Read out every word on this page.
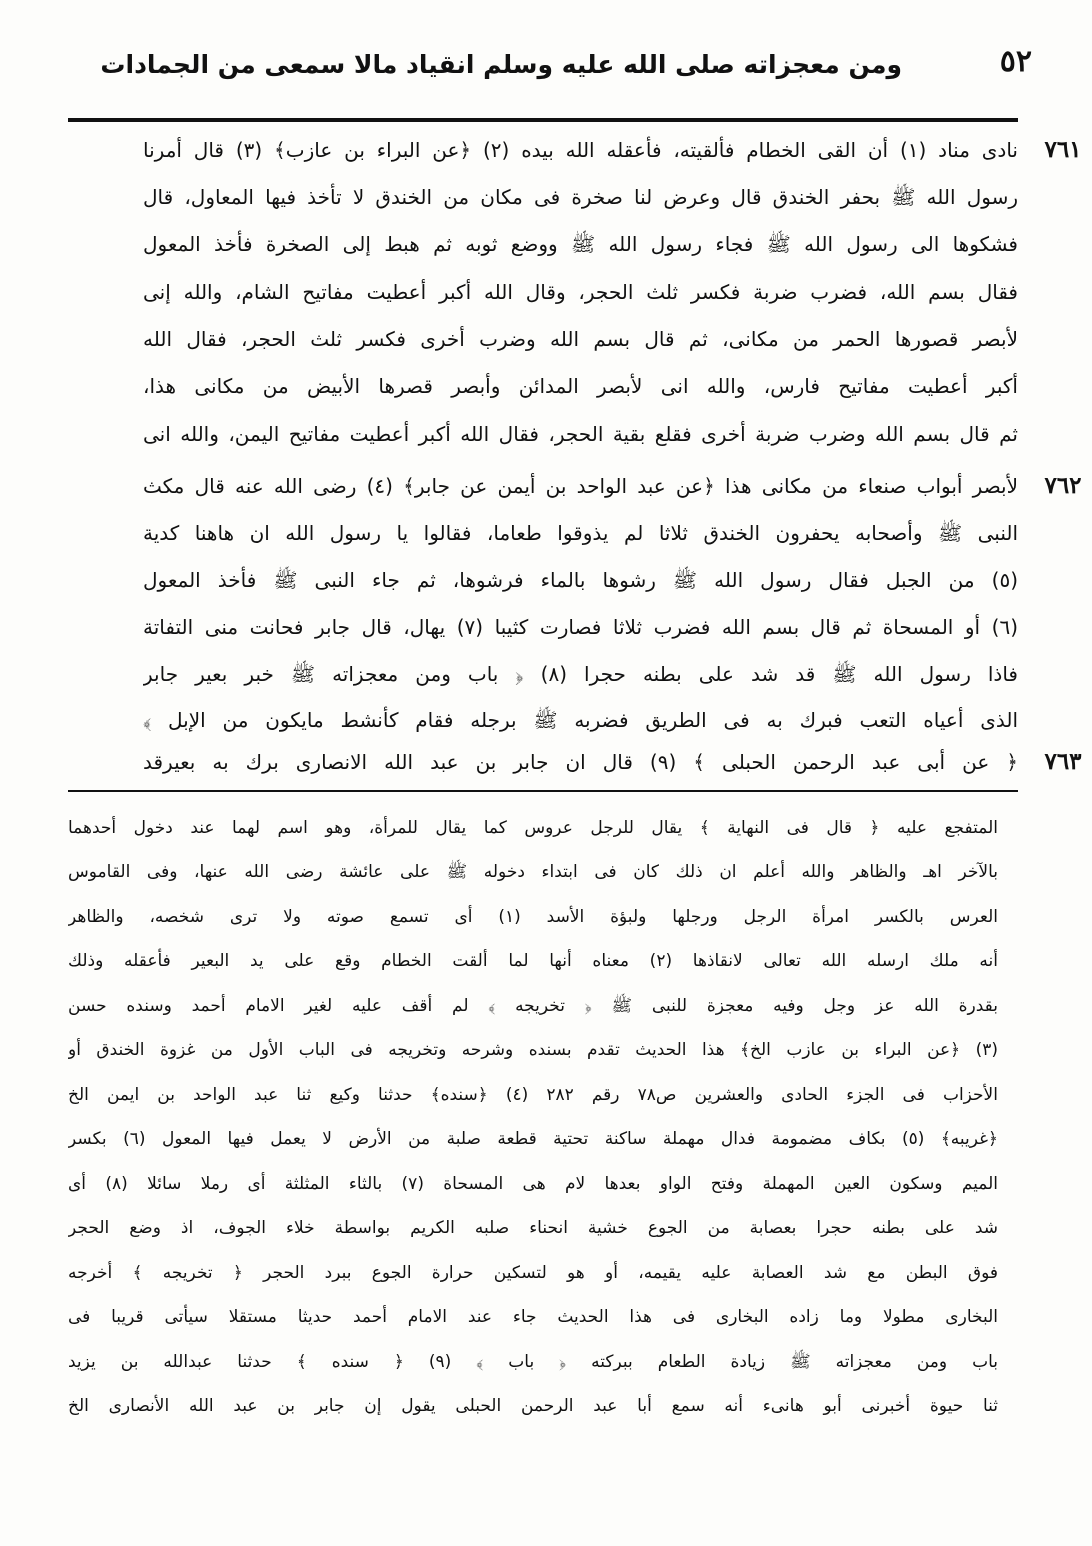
٥٢
ومن معجزاته صلى الله عليه وسلم انقياد مالا سمعى من الجمادات
٧٦١
٧٦٢
٧٦٣
نادى مناد (١) أن القى الخطام فألقيته، فأعقله الله بيده (٢) ﴿عن البراء بن عازب﴾ (٣) قال أمرنا
رسول الله ﷺ بحفر الخندق قال وعرض لنا صخرة فى مكان من الخندق لا تأخذ فيها المعاول، قال
فشكوها الى رسول الله ﷺ فجاء رسول الله ﷺ ووضع ثوبه ثم هبط إلى الصخرة فأخذ المعول
فقال بسم الله، فضرب ضربة فكسر ثلث الحجر، وقال الله أكبر أعطيت مفاتيح الشام، والله إنى
لأبصر قصورها الحمر من مكانى، ثم قال بسم الله وضرب أخرى فكسر ثلث الحجر، فقال الله
أكبر أعطيت مفاتيح فارس، والله انى لأبصر المدائن وأبصر قصرها الأبيض من مكانى هذا،
ثم قال بسم الله وضرب ضربة أخرى فقلع بقية الحجر، فقال الله أكبر أعطيت مفاتيح اليمن، والله انى
لأبصر أبواب صنعاء من مكانى هذا ﴿عن عبد الواحد بن أيمن عن جابر﴾ (٤) رضى الله عنه قال مكث
النبى ﷺ وأصحابه يحفرون الخندق ثلاثا لم يذوقوا طعاما، فقالوا يا رسول الله ان هاهنا كدية
(٥) من الجبل فقال رسول الله ﷺ رشوها بالماء فرشوها، ثم جاء النبى ﷺ فأخذ المعول
(٦) أو المسحاة ثم قال بسم الله فضرب ثلاثا فصارت كثيبا (٧) يهال، قال جابر فحانت منى التفاتة
فاذا رسول الله ﷺ قد شد على بطنه حجرا (٨) ﴿ باب ومن معجزاته ﷺ خبر بعير جابر
الذى أعياه التعب فبرك به فى الطريق فضربه ﷺ برجله فقام كأنشط مايكون من الإبل ﴾
﴿ عن أبى عبد الرحمن الحبلى ﴾ (٩) قال ان جابر بن عبد الله الانصارى برك به بعيرقد
المتفجع عليه ﴿ قال فى النهاية ﴾ يقال للرجل عروس كما يقال للمرأة، وهو اسم لهما عند دخول أحدهما
بالآخر اهـ والظاهر والله أعلم ان ذلك كان فى ابتداء دخوله ﷺ على عائشة رضى الله عنها، وفى القاموس
العرس بالكسر امرأة الرجل ورجلها ولبؤة الأسد (١) أى تسمع صوته ولا ترى شخصه، والظاهر
أنه ملك ارسله الله تعالى لانقاذها (٢) معناه أنها لما ألقت الخطام وقع على يد البعير فأعقله وذلك
بقدرة الله عز وجل وفيه معجزة للنبى ﷺ ﴿ تخريجه ﴾ لم أقف عليه لغير الامام أحمد وسنده حسن
(٣) ﴿عن البراء بن عازب الخ﴾ هذا الحديث تقدم بسنده وشرحه وتخريجه فى الباب الأول من غزوة الخندق أو
الأحزاب فى الجزء الحادى والعشرين ص٧٨ رقم ٢٨٢ (٤) ﴿سنده﴾ حدثنا وكيع ثنا عبد الواحد بن ايمن الخ
﴿غريبه﴾ (٥) بكاف مضمومة فدال مهملة ساكنة تحتية قطعة صلبة من الأرض لا يعمل فيها المعول (٦) بكسر
الميم وسكون العين المهملة وفتح الواو بعدها لام هى المسحاة (٧) بالثاء المثلثة أى رملا سائلا (٨) أى
شد على بطنه حجرا بعصابة من الجوع خشية انحناء صلبه الكريم بواسطة خلاء الجوف، اذ وضع الحجر
فوق البطن مع شد العصابة عليه يقيمه، أو هو لتسكين حرارة الجوع ببرد الحجر ﴿ تخريجه ﴾ أخرجه
البخارى مطولا وما زاده البخارى فى هذا الحديث جاء عند الامام أحمد حديثا مستقلا سيأتى قريبا فى
باب ومن معجزاته ﷺ زيادة الطعام ببركته ﴿ باب ﴾ (٩) ﴿ سنده ﴾ حدثنا عبدالله بن يزيد
ثنا حيوة أخبرنى أبو هانىء أنه سمع أبا عبد الرحمن الحبلى يقول إن جابر بن عبد الله الأنصارى الخ
